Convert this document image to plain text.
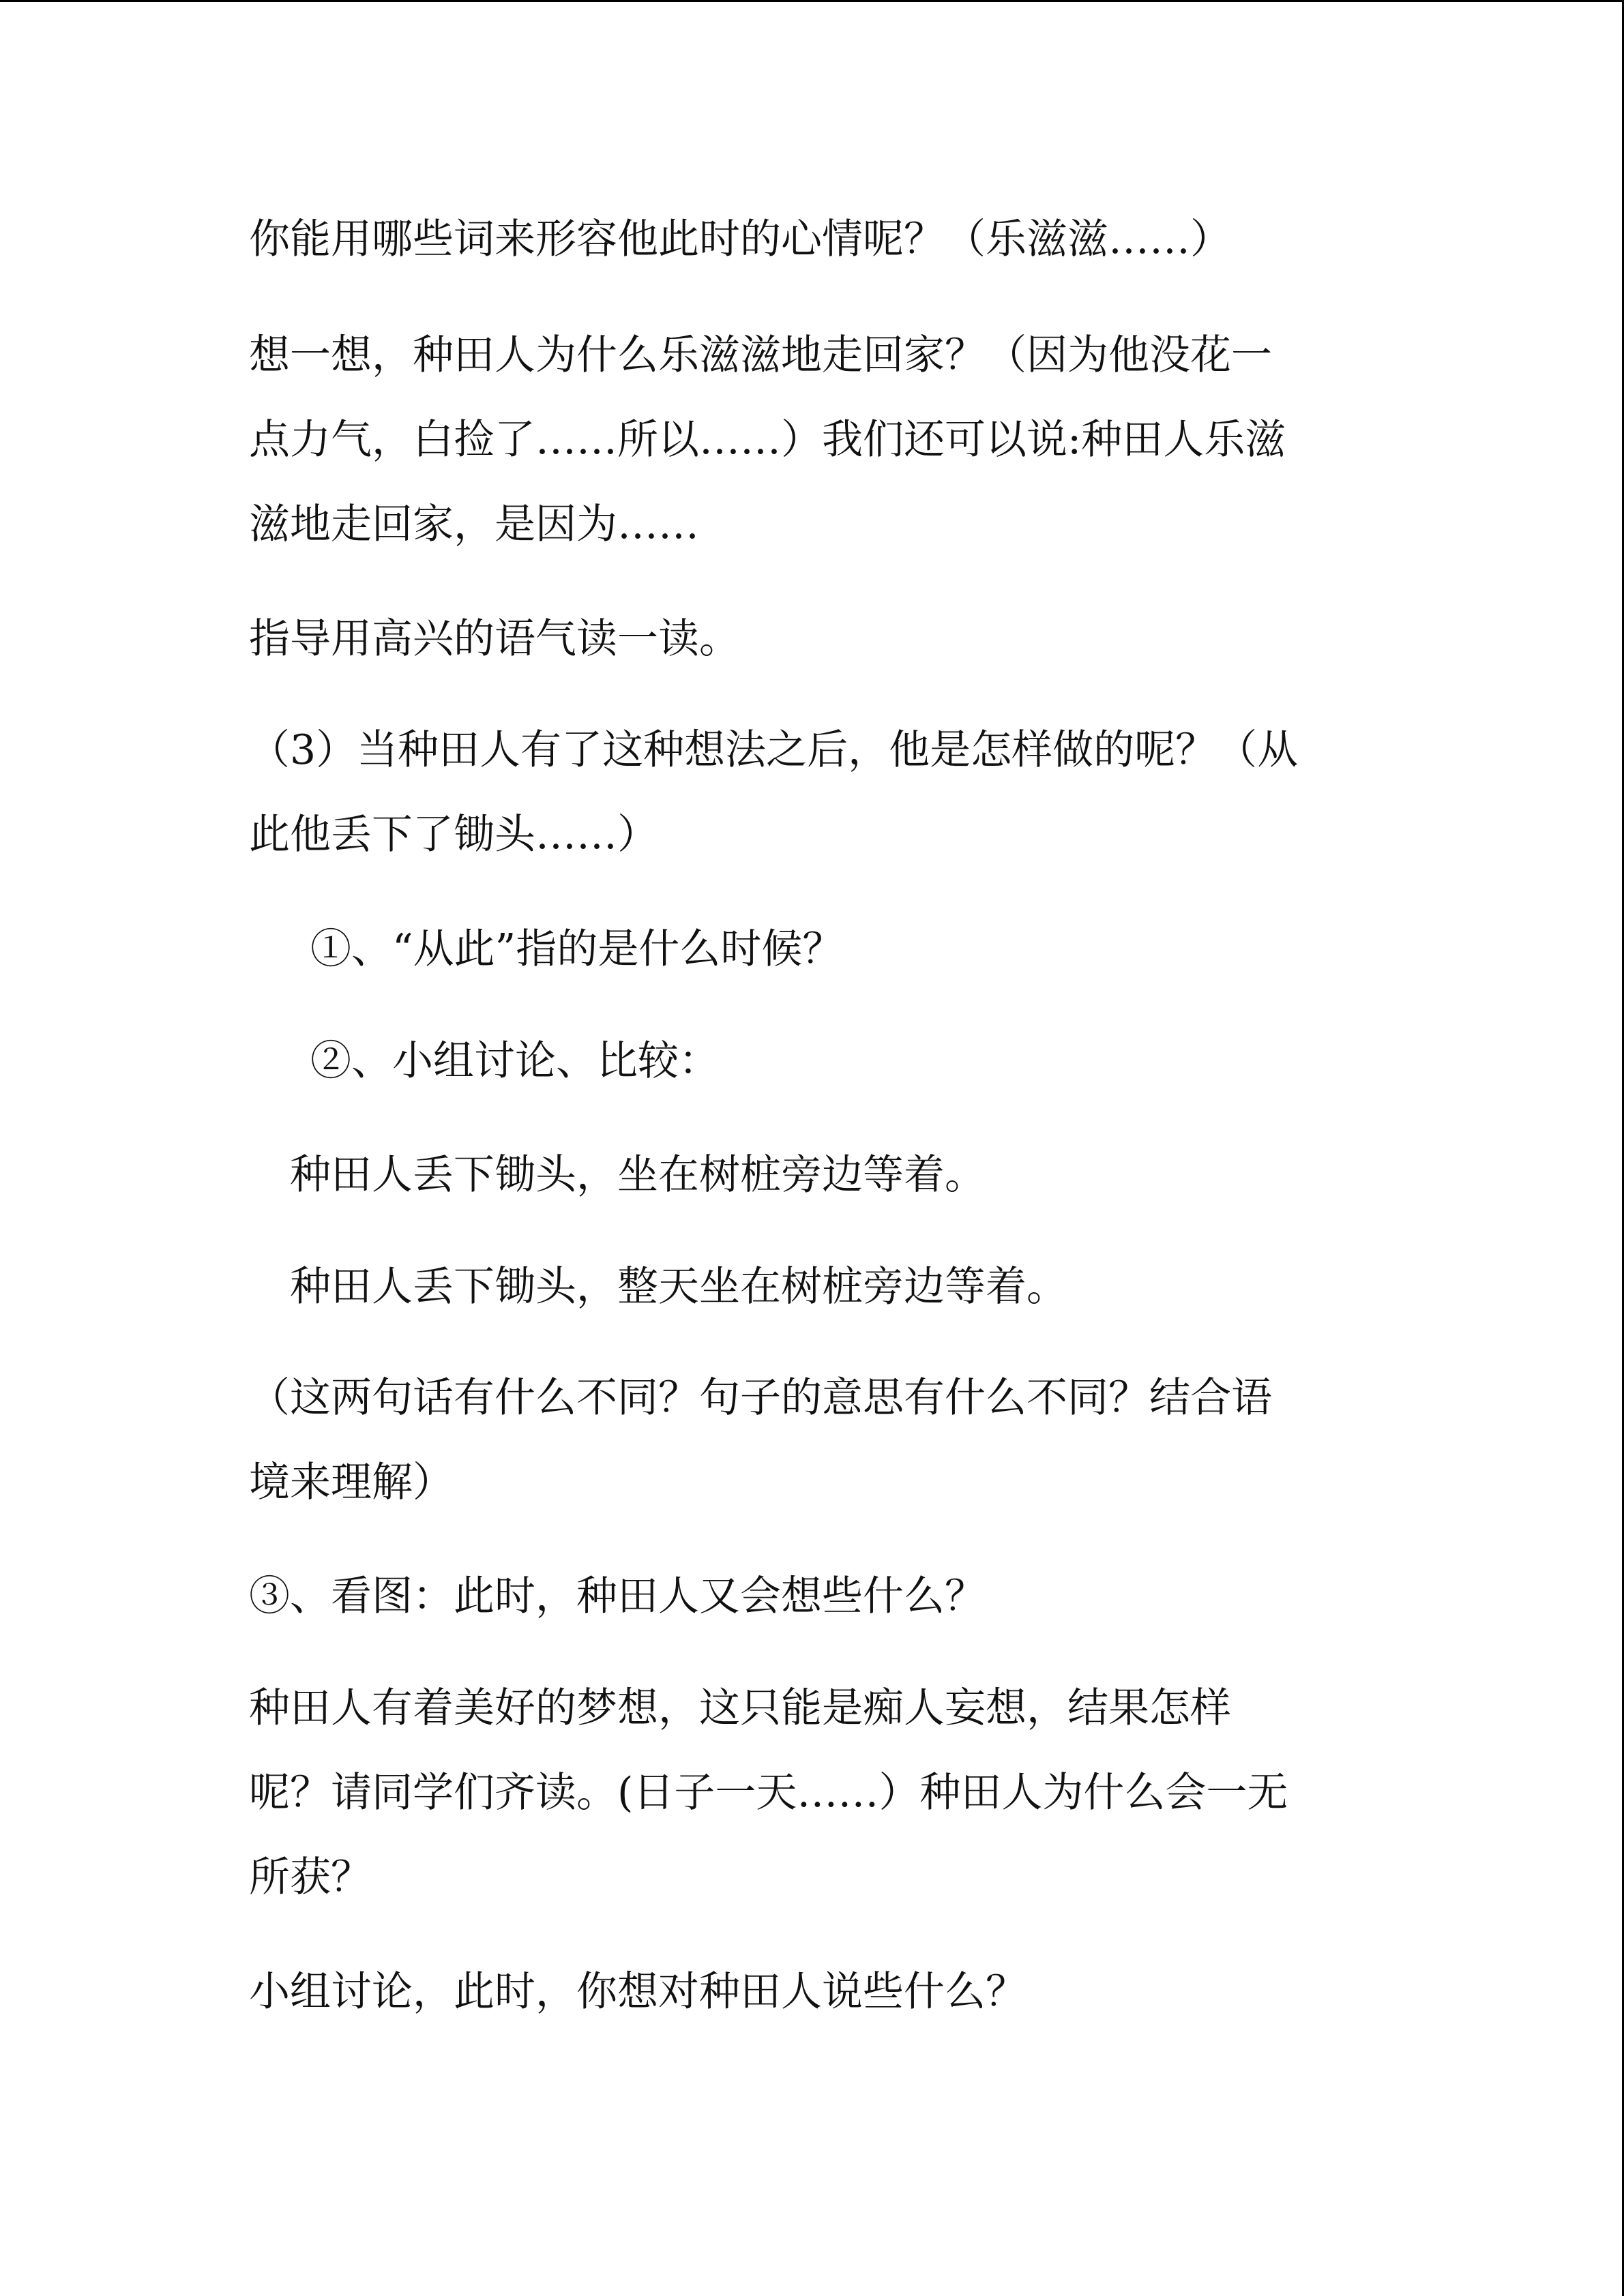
你能用哪些词来形容他此时的心情呢？（乐滋滋……）

想一想，种田人为什么乐滋滋地走回家？（因为他没花一

点力气，白捡了……所以……）我们还可以说:种田人乐滋

滋地走回家，是因为……

指导用高兴的语气读一读。

（3）当种田人有了这种想法之后，他是怎样做的呢？（从

此他丢下了锄头……）

①、“从此”指的是什么时候？

②、小组讨论、比较：

种田人丢下锄头，坐在树桩旁边等着。

种田人丢下锄头，整天坐在树桩旁边等着。

（这两句话有什么不同？句子的意思有什么不同？结合语

境来理解）

③、看图：此时，种田人又会想些什么？

种田人有着美好的梦想，这只能是痴人妄想，结果怎样

呢？请同学们齐读。(日子一天……）种田人为什么会一无

所获？

小组讨论，此时，你想对种田人说些什么？
